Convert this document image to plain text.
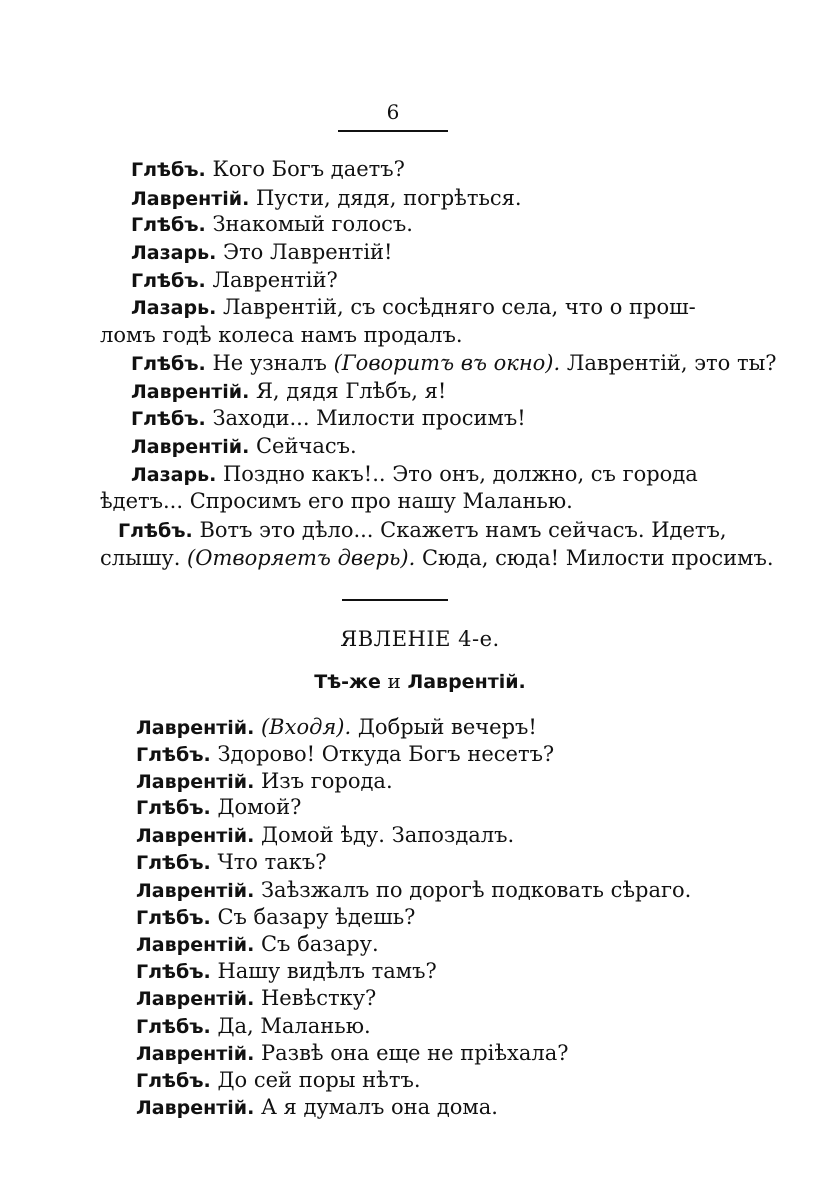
6
Глѣбъ. Кого Богъ даетъ?
Лаврентій. Пусти, дядя, погрѣться.
Глѣбъ. Знакомый голосъ.
Лазарь. Это Лаврентій!
Глѣбъ. Лаврентій?
Лазарь. Лаврентій, съ сосѣдняго села, что о прош-
ломъ годѣ колеса намъ продалъ.
Глѣбъ. Не узналъ (Говоритъ въ окно). Лаврентій, это ты?
Лаврентій. Я, дядя Глѣбъ, я!
Глѣбъ. Заходи... Милости просимъ!
Лаврентій. Сейчасъ.
Лазарь. Поздно какъ!.. Это онъ, должно, съ города
ѣдетъ... Спросимъ его про нашу Маланью.
Глѣбъ. Вотъ это дѣло... Скажетъ намъ сейчасъ. Идетъ,
слышу. (Отворяетъ дверь). Сюда, сюда! Милости просимъ.
ЯВЛЕНІЕ 4-е.
Тѣ-же и Лаврентій.
Лаврентій. (Входя). Добрый вечеръ!
Глѣбъ. Здорово! Откуда Богъ несетъ?
Лаврентій. Изъ города.
Глѣбъ. Домой?
Лаврентій. Домой ѣду. Запоздалъ.
Глѣбъ. Что такъ?
Лаврентій. Заѣзжалъ по дорогѣ подковать сѣраго.
Глѣбъ. Съ базару ѣдешь?
Лаврентій. Съ базару.
Глѣбъ. Нашу видѣлъ тамъ?
Лаврентій. Невѣстку?
Глѣбъ. Да, Маланью.
Лаврентій. Развѣ она еще не пріѣхала?
Глѣбъ. До сей поры нѣтъ.
Лаврентій. А я думалъ она дома.
